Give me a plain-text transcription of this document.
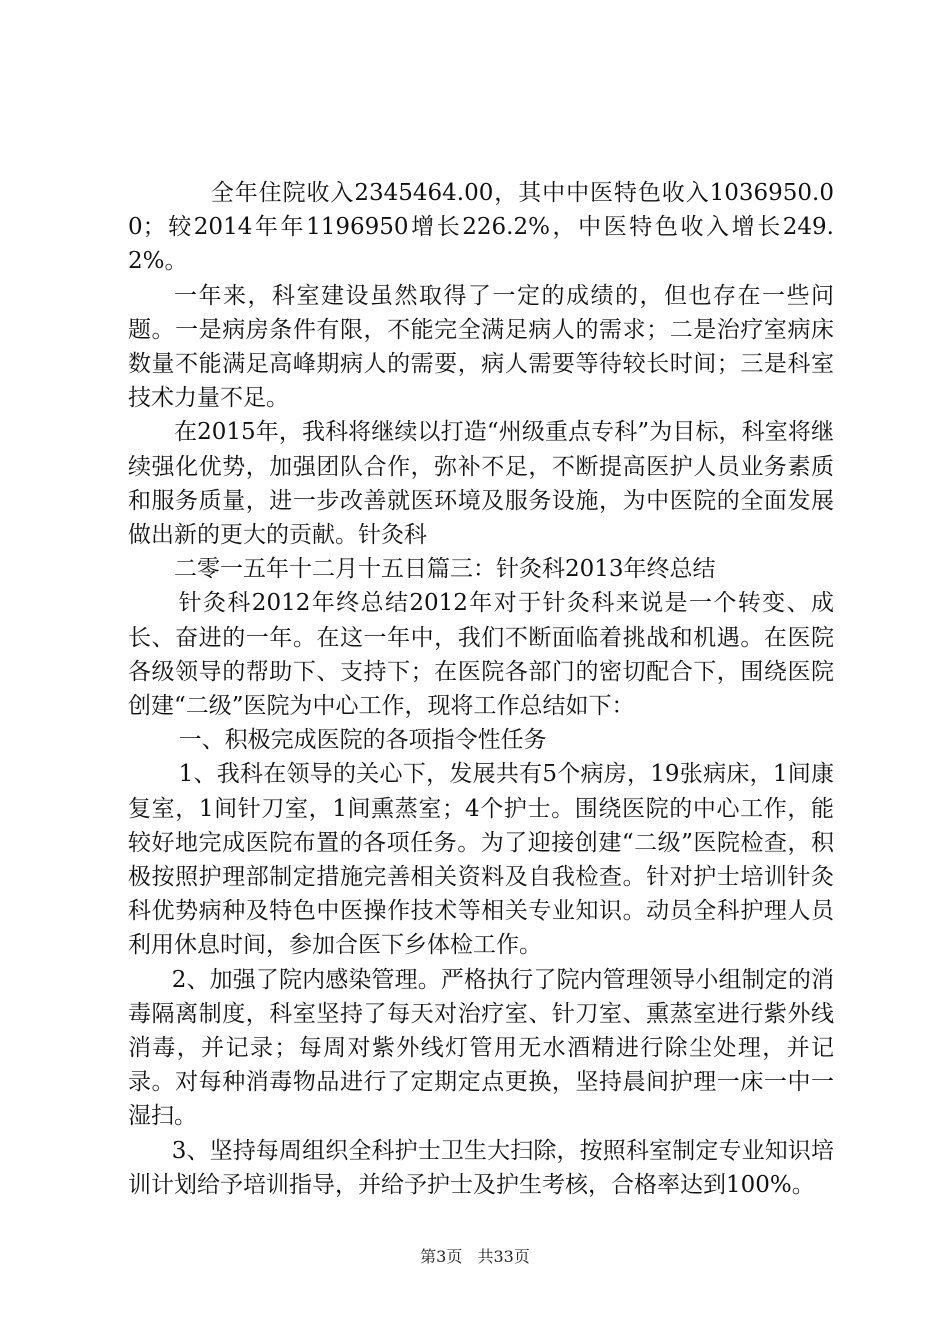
全年住院收入2345464.00，其中中医特色收入1036950.00；较2014年年1196950增长226.2%，中医特色收入增长249.2%。

一年来，科室建设虽然取得了一定的成绩的，但也存在一些问题。一是病房条件有限，不能完全满足病人的需求；二是治疗室病床数量不能满足高峰期病人的需要，病人需要等待较长时间；三是科室技术力量不足。

在2015年，我科将继续以打造“州级重点专科”为目标，科室将继续强化优势，加强团队合作，弥补不足，不断提高医护人员业务素质和服务质量，进一步改善就医环境及服务设施，为中医院的全面发展做出新的更大的贡献。针灸科

二零一五年十二月十五日篇三：针灸科2013年终总结

针灸科2012年终总结2012年对于针灸科来说是一个转变、成长、奋进的一年。在这一年中，我们不断面临着挑战和机遇。在医院各级领导的帮助下、支持下；在医院各部门的密切配合下，围绕医院创建“二级”医院为中心工作，现将工作总结如下：

一、积极完成医院的各项指令性任务

1、我科在领导的关心下，发展共有5个病房，19张病床，1间康复室，1间针刀室，1间熏蒸室；4个护士。围绕医院的中心工作，能较好地完成医院布置的各项任务。为了迎接创建“二级”医院检查，积极按照护理部制定措施完善相关资料及自我检查。针对护士培训针灸科优势病种及特色中医操作技术等相关专业知识。动员全科护理人员利用休息时间，参加合医下乡体检工作。

2、加强了院内感染管理。严格执行了院内管理领导小组制定的消毒隔离制度，科室坚持了每天对治疗室、针刀室、熏蒸室进行紫外线消毒，并记录；每周对紫外线灯管用无水酒精进行除尘处理，并记录。对每种消毒物品进行了定期定点更换，坚持晨间护理一床一中一湿扫。

3、坚持每周组织全科护士卫生大扫除，按照科室制定专业知识培训计划给予培训指导，并给予护士及护生考核，合格率达到100%。

第3页 共33页
